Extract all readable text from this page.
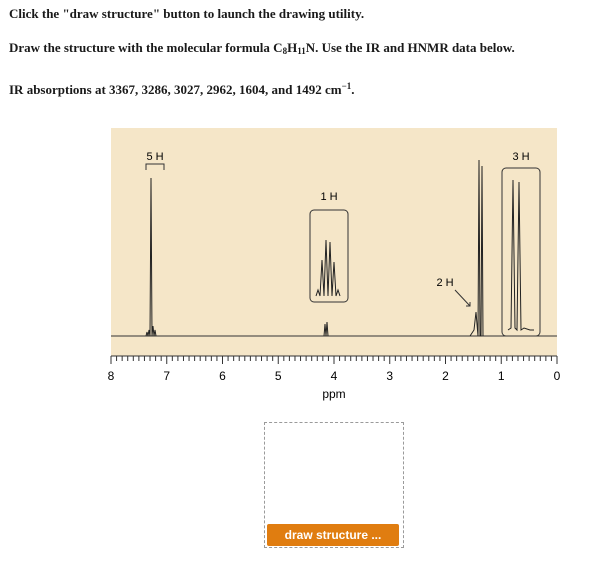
Click the "draw structure" button to launch the drawing utility.
Draw the structure with the molecular formula $C_8H_{11}N$. Use the IR and HNMR data below.
IR absorptions at 3367, 3286, 3027, 2962, 1604, and 1492 $cm^{-1}$.
8	7	6	5	4	3	2	1	0
5 H
1 H
2 H
3 H
ppm
draw structure ...
